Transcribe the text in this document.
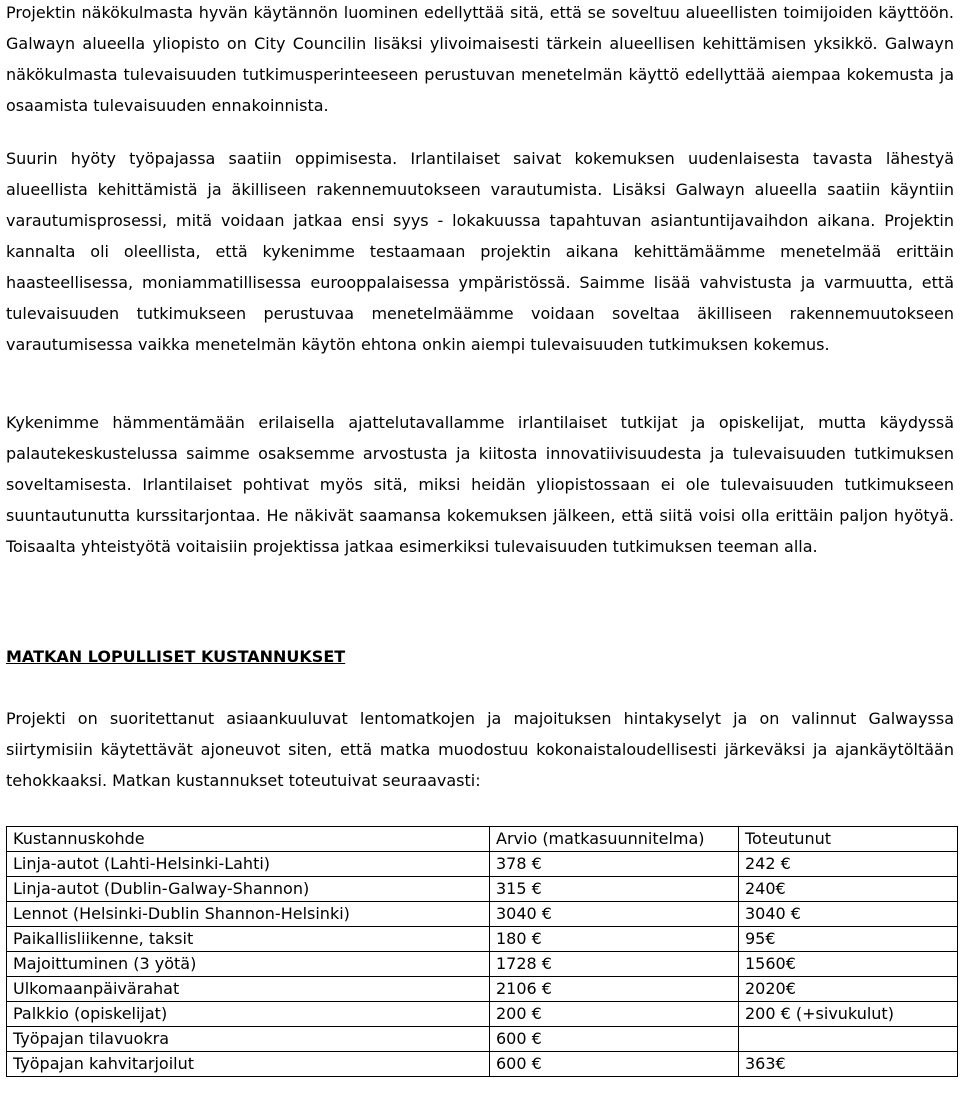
Projektin näkökulmasta hyvän käytännön luominen edellyttää sitä, että se soveltuu alueellisten toimijoiden käyttöön. Galwayn alueella yliopisto on City Councilin lisäksi ylivoimaisesti tärkein alueellisen kehittämisen yksikkö. Galwayn näkökulmasta tulevaisuuden tutkimusperinteeseen perustuvan menetelmän käyttö edellyttää aiempaa kokemusta ja osaamista tulevaisuuden ennakoinnista.

Suurin hyöty työpajassa saatiin oppimisesta. Irlantilaiset saivat kokemuksen uudenlaisesta tavasta lähestyä alueellista kehittämistä ja äkilliseen rakennemuutokseen varautumista. Lisäksi Galwayn alueella saatiin käyntiin varautumisprosessi, mitä voidaan jatkaa ensi syys - lokakuussa tapahtuvan asiantuntijavaihdon aikana. Projektin kannalta oli oleellista, että kykenimme testaamaan projektin aikana kehittämäämme menetelmää erittäin haasteellisessa, moniammatillisessa eurooppalaisessa ympäristössä. Saimme lisää vahvistusta ja varmuutta, että tulevaisuuden tutkimukseen perustuvaa menetelmäämme voidaan soveltaa äkilliseen rakennemuutokseen varautumisessa vaikka menetelmän käytön ehtona onkin aiempi tulevaisuuden tutkimuksen kokemus.

Kykenimme hämmentämään erilaisella ajattelutavallamme irlantilaiset tutkijat ja opiskelijat, mutta käydyssä palautekeskustelussa saimme osaksemme arvostusta ja kiitosta innovatiivisuudesta ja tulevaisuuden tutkimuksen soveltamisesta. Irlantilaiset pohtivat myös sitä, miksi heidän yliopistossaan ei ole tulevaisuuden tutkimukseen suuntautunutta kurssitarjontaa. He näkivät saamansa kokemuksen jälkeen, että siitä voisi olla erittäin paljon hyötyä. Toisaalta yhteistyötä voitaisiin projektissa jatkaa esimerkiksi tulevaisuuden tutkimuksen teeman alla.

MATKAN LOPULLISET KUSTANNUKSET

Projekti on suoritettanut asiaankuuluvat lentomatkojen ja majoituksen hintakyselyt ja on valinnut Galwayssa siirtymisiin käytettävät ajoneuvot siten, että matka muodostuu kokonaistaloudellisesti järkeväksi ja ajankäytöltään tehokkaaksi. Matkan kustannukset toteutuivat seuraavasti:

Kustannuskohde	Arvio (matkasuunnitelma)	Toteutunut
Linja-autot (Lahti-Helsinki-Lahti)	378 €	242 €
Linja-autot (Dublin-Galway-Shannon)	315 €	240€
Lennot (Helsinki-Dublin Shannon-Helsinki)	3040 €	3040 €
Paikallisliikenne, taksit	180 €	95€
Majoittuminen (3 yötä)	1728 €	1560€
Ulkomaanpäivärahat	2106 €	2020€
Palkkio (opiskelijat)	200 €	200 € (+sivukulut)
Työpajan tilavuokra	600 €	
Työpajan kahvitarjoilut	600 €	363€
